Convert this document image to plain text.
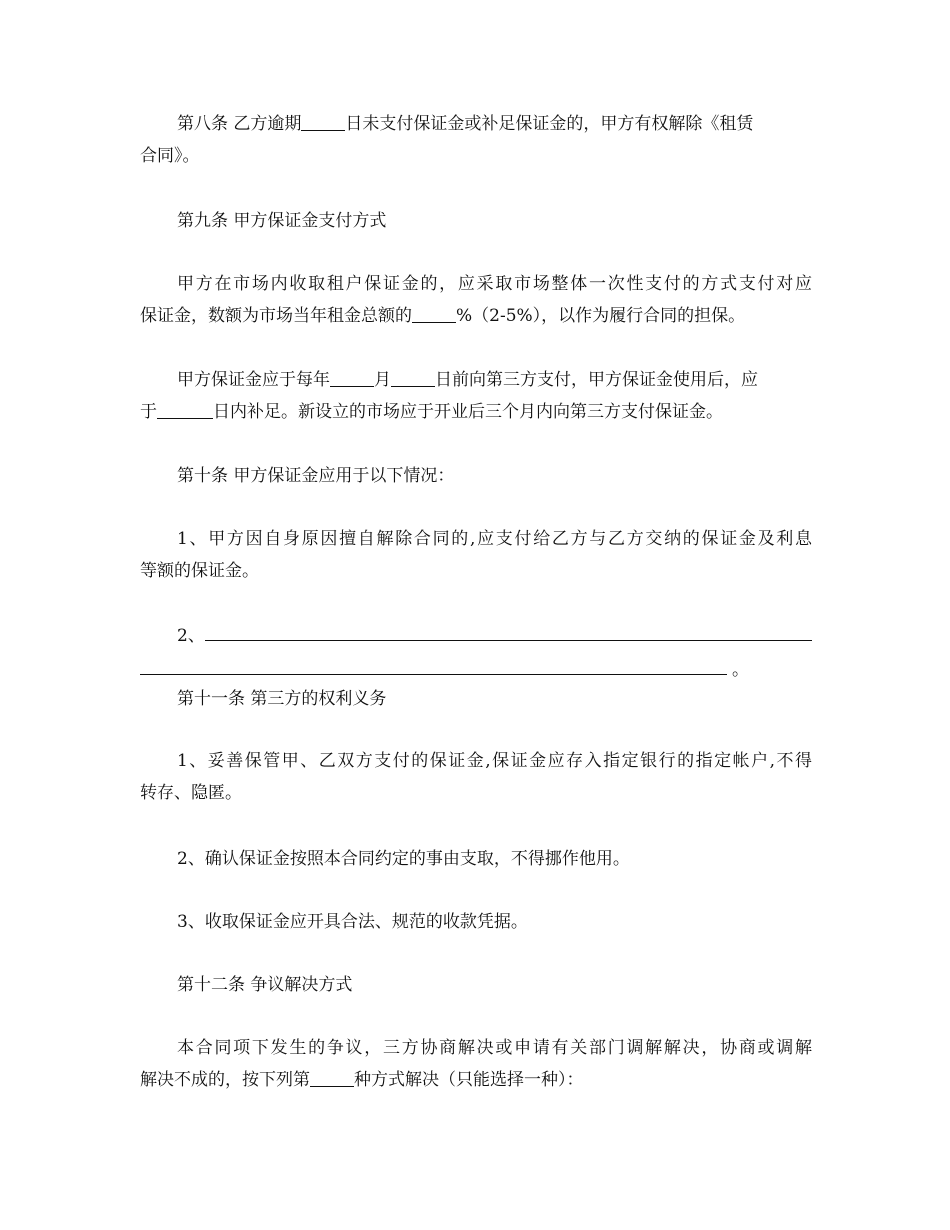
第八条 乙方逾期	日未支付保证金或补足保证金的，甲方有权解除《租赁
合同》。
第九条 甲方保证金支付方式
甲方在市场内收取租户保证金的，应采取市场整体一次性支付的方式支付对应
保证金，数额为市场当年租金总额的	%（2-5%），以作为履行合同的担保。
甲方保证金应于每年	月	日前向第三方支付，甲方保证金使用后，应
于	日内补足。新设立的市场应于开业后三个月内向第三方支付保证金。
第十条 甲方保证金应用于以下情况：
1、甲方因自身原因擅自解除合同的,应支付给乙方与乙方交纳的保证金及利息
等额的保证金。
2、
。
第十一条 第三方的权利义务
1、妥善保管甲、乙双方支付的保证金,保证金应存入指定银行的指定帐户,不得
转存、隐匿。
2、确认保证金按照本合同约定的事由支取，不得挪作他用。
3、收取保证金应开具合法、规范的收款凭据。
第十二条 争议解决方式
本合同项下发生的争议，三方协商解决或申请有关部门调解解决，协商或调解
解决不成的，按下列第	种方式解决（只能选择一种）：
